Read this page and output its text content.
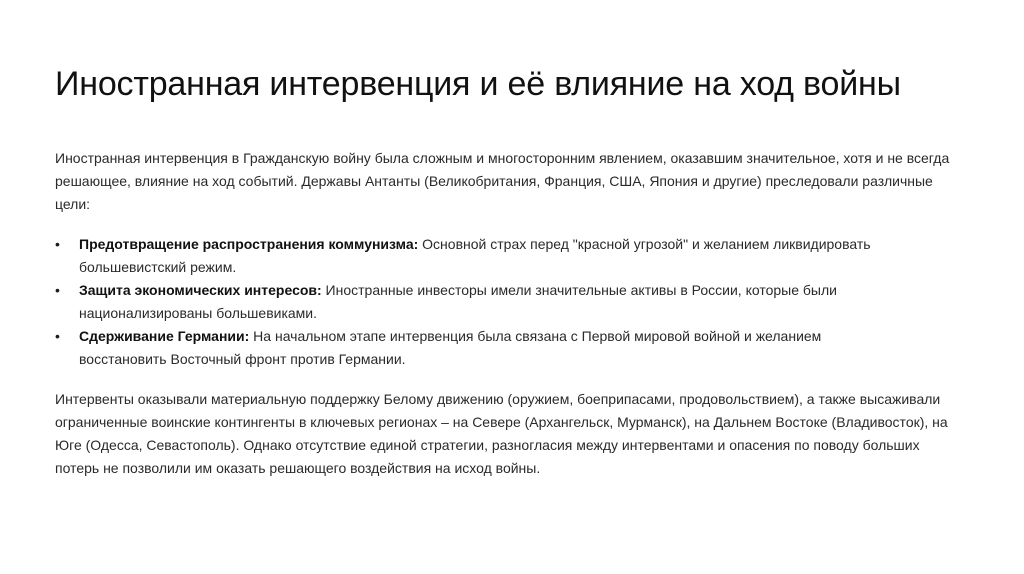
Иностранная интервенция и её влияние на ход войны

Иностранная интервенция в Гражданскую войну была сложным и многосторонним явлением, оказавшим значительное, хотя и не всегда решающее, влияние на ход событий. Державы Антанты (Великобритания, Франция, США, Япония и другие) преследовали различные цели:

• Предотвращение распространения коммунизма: Основной страх перед "красной угрозой" и желанием ликвидировать большевистский режим.
• Защита экономических интересов: Иностранные инвесторы имели значительные активы в России, которые были национализированы большевиками.
• Сдерживание Германии: На начальном этапе интервенция была связана с Первой мировой войной и желанием восстановить Восточный фронт против Германии.

Интервенты оказывали материальную поддержку Белому движению (оружием, боеприпасами, продовольствием), а также высаживали ограниченные воинские контингенты в ключевых регионах – на Севере (Архангельск, Мурманск), на Дальнем Востоке (Владивосток), на Юге (Одесса, Севастополь). Однако отсутствие единой стратегии, разногласия между интервентами и опасения по поводу больших потерь не позволили им оказать решающего воздействия на исход войны.
